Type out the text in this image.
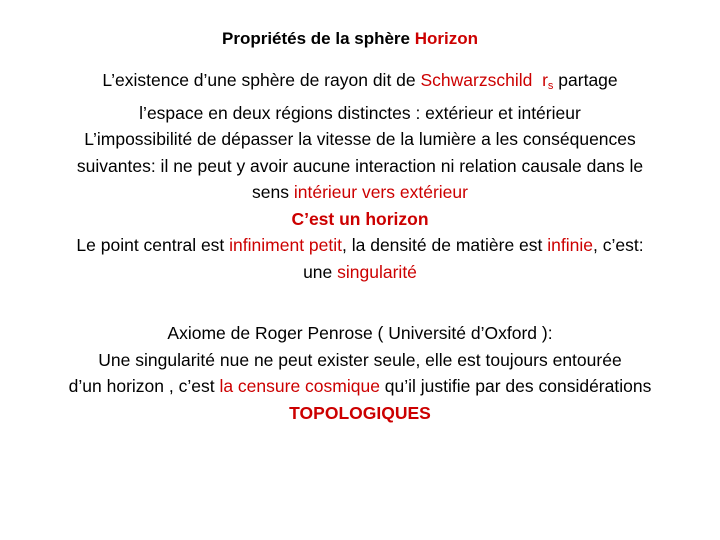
Propriétés de la sphère Horizon
L’existence d’une sphère de rayon dit de Schwarzschild $r_s$ partage
l’espace en deux régions distinctes : extérieur et intérieur
L’impossibilité de dépasser la vitesse de la lumière a les conséquences
suivantes: il ne peut y avoir aucune interaction ni relation causale dans le
sens intérieur vers extérieur
C’est un horizon
Le point central est infiniment petit, la densité de matière est infinie, c’est:
une singularité
Axiome de Roger Penrose ( Université d’Oxford ):
Une singularité nue ne peut exister seule, elle est toujours entourée
d’un horizon , c’est la censure cosmique qu’il justifie par des considérations
TOPOLOGIQUES
